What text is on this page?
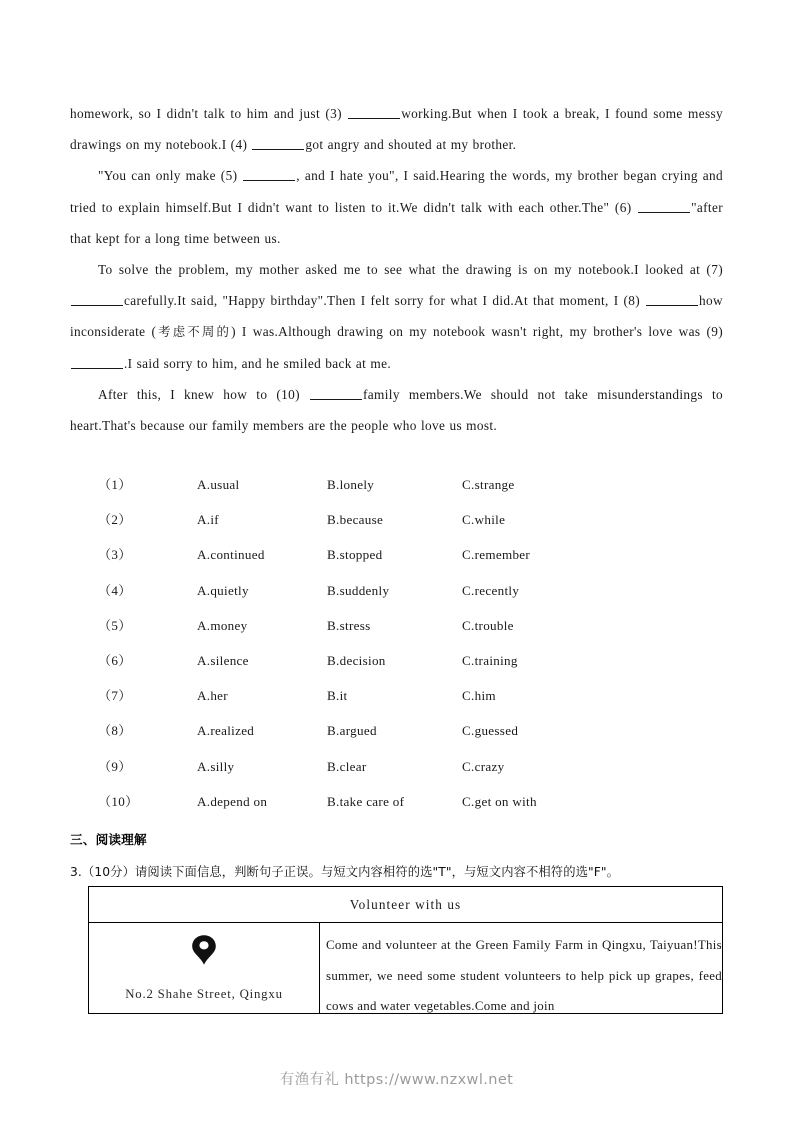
homework, so I didn't talk to him and just (3)	working.But when I took a break, I found some messy drawings on my notebook.I (4)	got angry and shouted at my brother.

"You can only make (5)	, and I hate you", I said.Hearing the words, my brother began crying and tried to explain himself.But I didn't want to listen to it.We didn't talk with each other.The" (6)	"after that kept for a long time between us.

To solve the problem, my mother asked me to see what the drawing is on my notebook.I looked at (7) carefully.It said, "Happy birthday".Then I felt sorry for what I did.At that moment, I (8)	how inconsiderate (考虑不周的) I was.Although drawing on my notebook wasn't right, my brother's love was (9) .I said sorry to him, and he smiled back at me.

After this, I knew how to (10)	family members.We should not take misunderstandings to heart.That's because our family members are the people who love us most.

（1）	A.usual	B.lonely	C.strange
（2）	A.if	B.because	C.while
（3）	A.continued	B.stopped	C.remember
（4）	A.quietly	B.suddenly	C.recently
（5）	A.money	B.stress	C.trouble
（6）	A.silence	B.decision	C.training
（7）	A.her	B.it	C.him
（8）	A.realized	B.argued	C.guessed
（9）	A.silly	B.clear	C.crazy
（10）	A.depend on	B.take care of	C.get on with
三、阅读理解
3.（10分）请阅读下面信息，判断句子正误。与短文内容相符的选"T"，与短文内容不相符的选"F"。
Volunteer with us
No.2 Shahe Street, Qingxu

Come and volunteer at the Green Family Farm in Qingxu, Taiyuan!This summer, we need some student volunteers to help pick up grapes, feed cows and water vegetables.Come and join

有渔有礼 https://www.nzxwl.net
